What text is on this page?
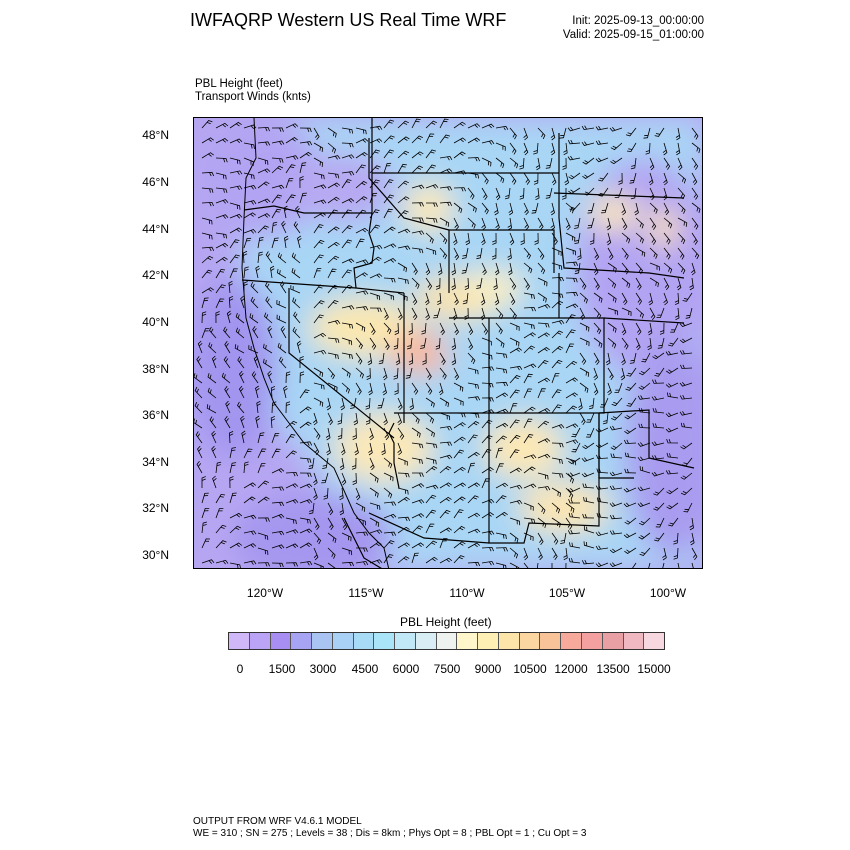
IWFAQRP Western US Real Time WRF	Init: 2025-09-13_00:00:00
Valid: 2025-09-15_01:00:00
PBL Height (feet)
Transport Winds (knts)
48°N
46°N
44°N
42°N
40°N
38°N
36°N
34°N
32°N
30°N
120°W	115°W	110°W	105°W	100°W
PBL Height (feet)
0 1500 3000 4500 6000 7500 9000 10500 12000 13500 15000
OUTPUT FROM WRF V4.6.1 MODEL
WE = 310 ; SN = 275 ; Levels = 38 ; Dis = 8km ; Phys Opt = 8 ; PBL Opt = 1 ; Cu Opt = 3
